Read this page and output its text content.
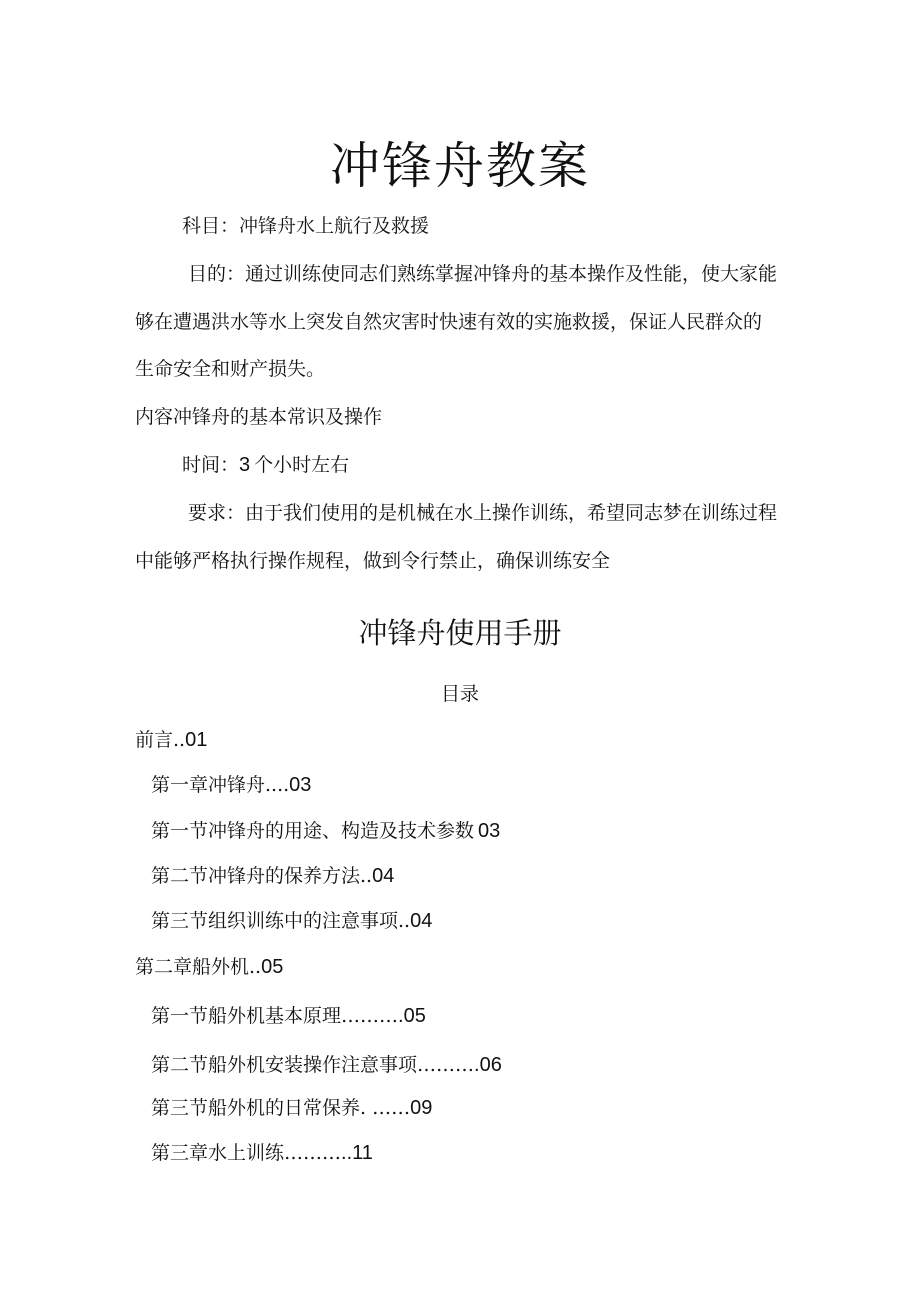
冲锋舟教案
科目：冲锋舟水上航行及救援
目的：通过训练使同志们熟练掌握冲锋舟的基本操作及性能，使大家能
够在遭遇洪水等水上突发自然灾害时快速有效的实施救援，保证人民群众的
生命安全和财产损失。
内容冲锋舟的基本常识及操作
时间：3 个小时左右
要求：由于我们使用的是机械在水上操作训练，希望同志梦在训练过程
中能够严格执行操作规程，做到令行禁止，确保训练安全
冲锋舟使用手册
目录
前言..01
第一章冲锋舟....03
第一节冲锋舟的用途、构造及技术参数 03
第二节冲锋舟的保养方法..04
第三节组织训练中的注意事项..04
第二章船外机..05
第一节船外机基本原理……….05
第二节船外机安装操作注意事项……….06
第三节船外机的日常保养. ……09
第三章水上训练………..11
